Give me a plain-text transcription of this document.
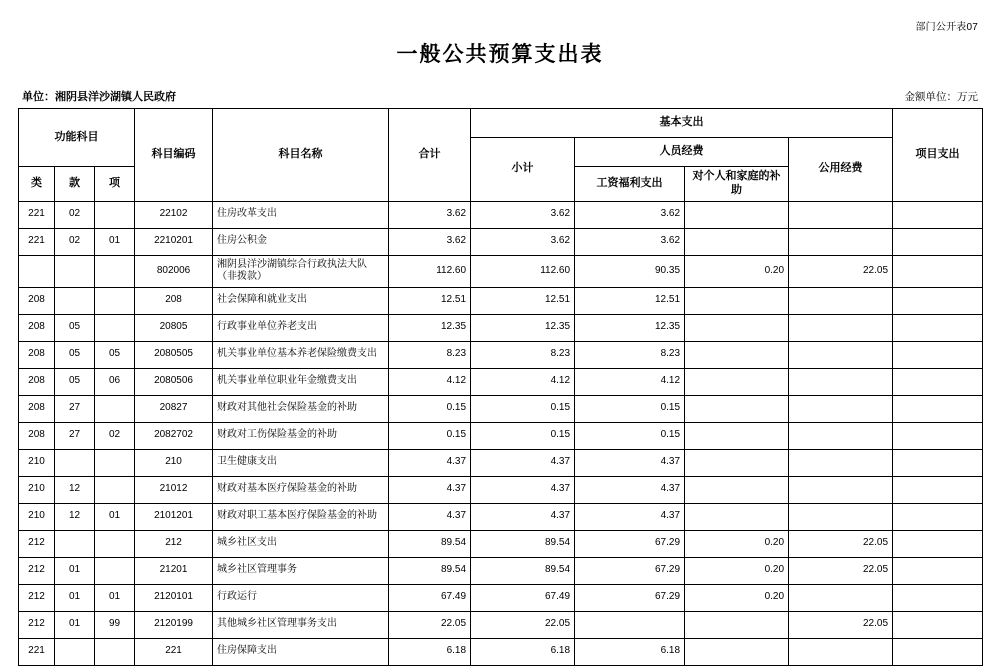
部门公开表07
一般公共预算支出表
单位：湘阴县洋沙湖镇人民政府	金额单位：万元
功能科目			科目编码	科目名称	合计	基本支出				项目支出
						小计	人员经费		公用经费	
类	款	项					工资福利支出	对个人和家庭的补助		
221	02		22102	住房改革支出	3.62	3.62	3.62			
221	02	01	2210201	住房公积金	3.62	3.62	3.62			
			802006	湘阴县洋沙湖镇综合行政执法大队（非拨款）	112.60	112.60	90.35	0.20	22.05	
208			208	社会保障和就业支出	12.51	12.51	12.51			
208	05		20805	行政事业单位养老支出	12.35	12.35	12.35			
208	05	05	2080505	机关事业单位基本养老保险缴费支出	8.23	8.23	8.23			
208	05	06	2080506	机关事业单位职业年金缴费支出	4.12	4.12	4.12			
208	27		20827	财政对其他社会保险基金的补助	0.15	0.15	0.15			
208	27	02	2082702	财政对工伤保险基金的补助	0.15	0.15	0.15			
210			210	卫生健康支出	4.37	4.37	4.37			
210	12		21012	财政对基本医疗保险基金的补助	4.37	4.37	4.37			
210	12	01	2101201	财政对职工基本医疗保险基金的补助	4.37	4.37	4.37			
212			212	城乡社区支出	89.54	89.54	67.29	0.20	22.05	
212	01		21201	城乡社区管理事务	89.54	89.54	67.29	0.20	22.05	
212	01	01	2120101	行政运行	67.49	67.49	67.29	0.20		
212	01	99	2120199	其他城乡社区管理事务支出	22.05	22.05			22.05	
221			221	住房保障支出	6.18	6.18	6.18			
